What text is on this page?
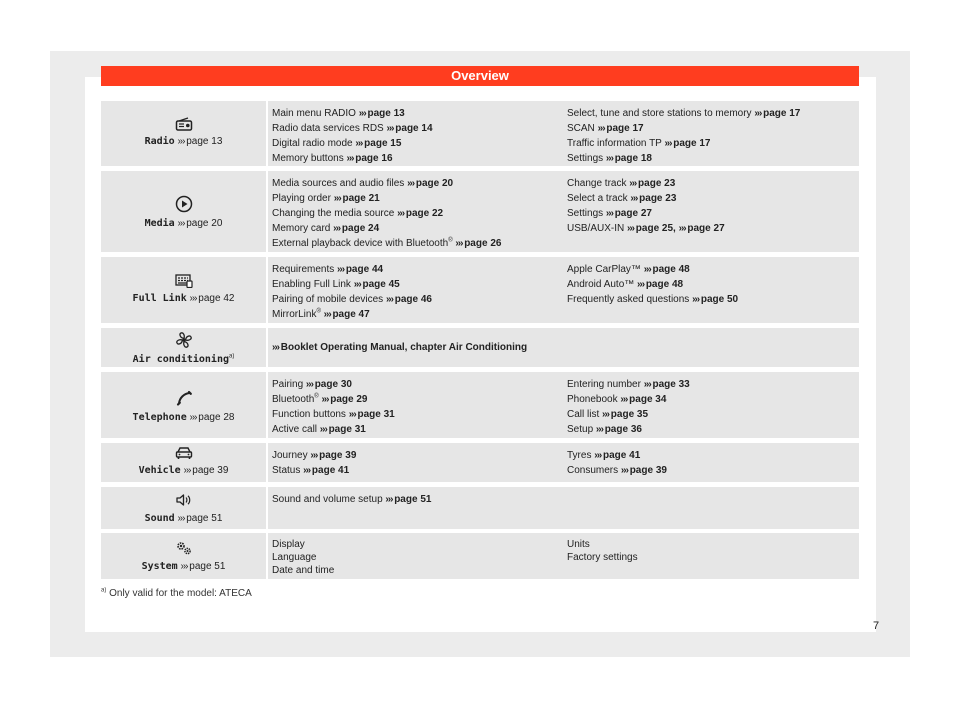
Overview
Radio ››› page 13
Main menu RADIO ››› page 13
Radio data services RDS ››› page 14
Digital radio mode ››› page 15
Memory buttons ››› page 16
Select, tune and store stations to memory ››› page 17
SCAN ››› page 17
Traffic information TP ››› page 17
Settings ››› page 18
Media ››› page 20
Media sources and audio files ››› page 20
Playing order ››› page 21
Changing the media source ››› page 22
Memory card ››› page 24
External playback device with Bluetooth® ››› page 26
Change track ››› page 23
Select a track ››› page 23
Settings ››› page 27
USB/AUX-IN ››› page 25, ››› page 27
Full Link ››› page 42
Requirements ››› page 44
Enabling Full Link ››› page 45
Pairing of mobile devices ››› page 46
MirrorLink® ››› page 47
Apple CarPlay™ ››› page 48
Android Auto™ ››› page 48
Frequently asked questions ››› page 50
Air conditioning$^{a)}$
››› Booklet Operating Manual, chapter Air Conditioning
Telephone ››› page 28
Pairing ››› page 30
Bluetooth® ››› page 29
Function buttons ››› page 31
Active call ››› page 31
Entering number ››› page 33
Phonebook ››› page 34
Call list ››› page 35
Setup ››› page 36
Vehicle ››› page 39
Journey ››› page 39
Status ››› page 41
Tyres ››› page 41
Consumers ››› page 39
Sound ››› page 51
Sound and volume setup ››› page 51
System ››› page 51
Display
Language
Date and time
Units
Factory settings
$^{a)}$ Only valid for the model: ATECA
7
